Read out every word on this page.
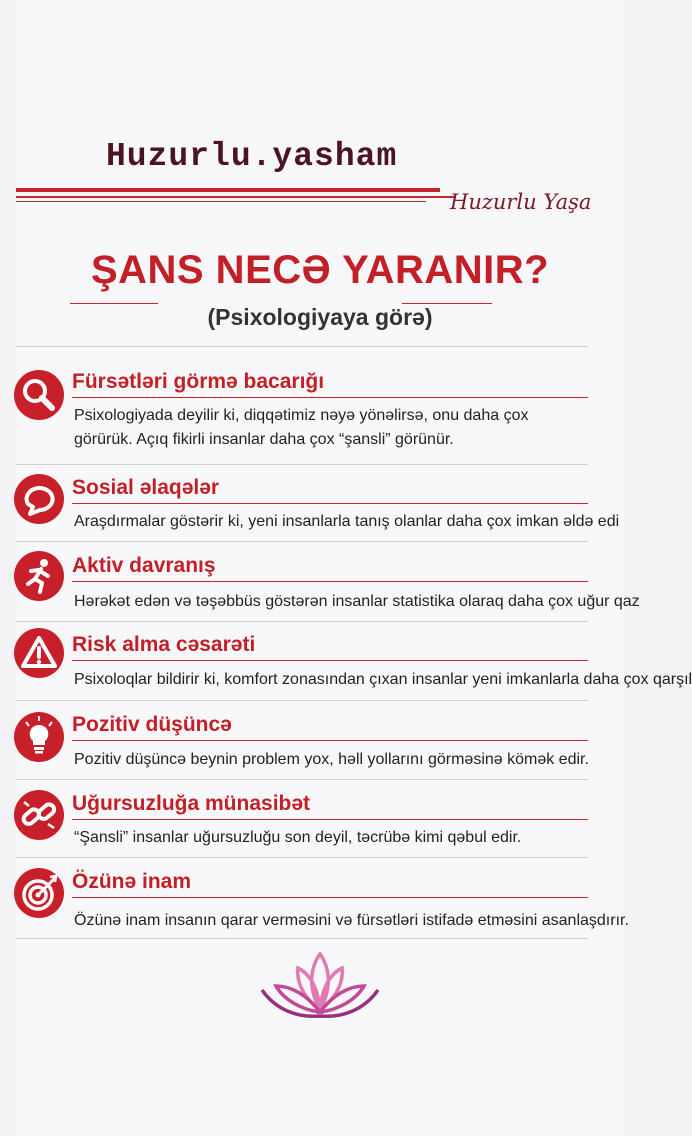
Huzurlu.yasham
Huzurlu Yaşa
ŞANS NECƏ YARANIR?
(Psixologiyaya görə)
Fürsətləri görmə bacarığı
Psixologiyada deyilir ki, diqqətimiz nəyə yönəlirsə, onu daha çox görürük. Açıq fikirli insanlar daha çox “şansli” görünür.
Sosial əlaqələr
Araşdırmalar göstərir ki, yeni insanlarla tanış olanlar daha çox imkan əldə edi
Aktiv davranış
Hərəkət edən və təşəbbüs göstərən insanlar statistika olaraq daha çox uğur qaz
Risk alma cəsarəti
Psixoloqlar bildirir ki, komfort zonasından çıxan insanlar yeni imkanlarla daha çox qarşıl
Pozitiv düşüncə
Pozitiv düşüncə beynin problem yox, həll yollarını görməsinə kömək edir.
Uğursuzluğa münasibət
“Şansli” insanlar uğursuzluğu son deyil, təcrübə kimi qəbul edir.
Özünə inam
Özünə inam insanın qarar verməsini və fürsətləri istifadə etməsini asanlaşdırır.
